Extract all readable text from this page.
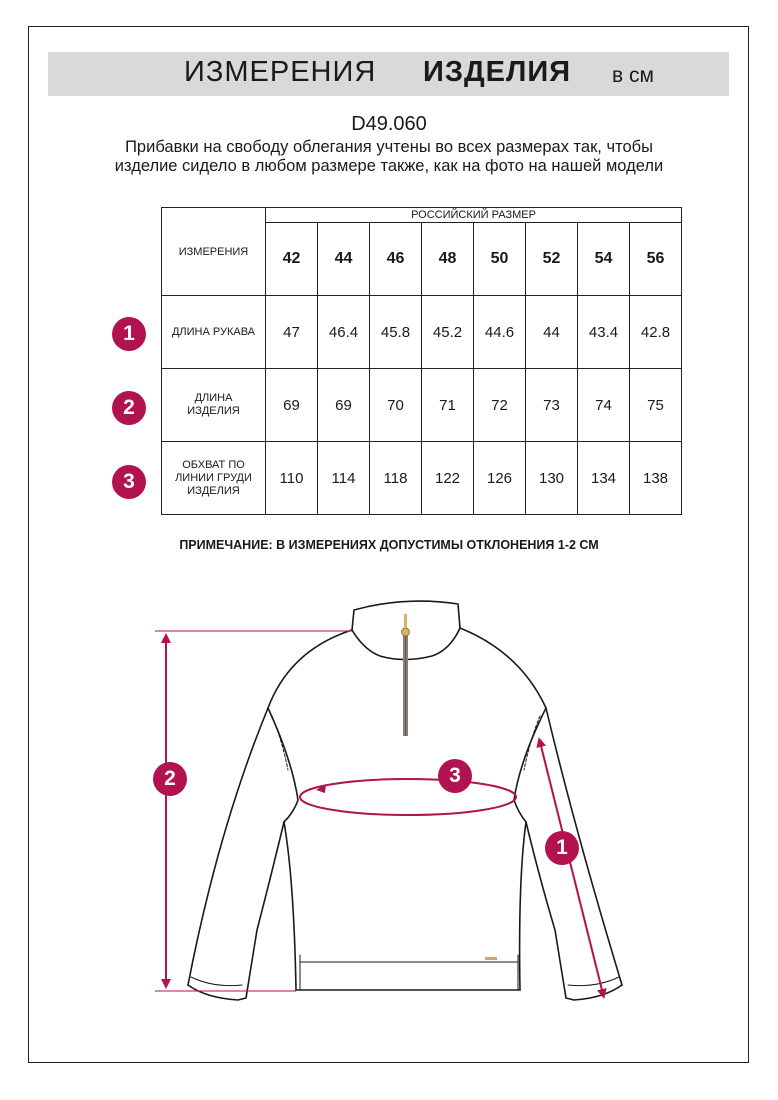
ИЗМЕРЕНИЯ ИЗДЕЛИЯ в см
D49.060
Прибавки на свободу облегания учтены во всех размерах так, чтобы изделие сидело в любом размере также, как на фото на нашей модели
ИЗМЕРЕНИЯ	РОССИЙСКИЙ РАЗМЕР							
	42	44	46	48	50	52	54	56
ДЛИНА РУКАВА	47	46.4	45.8	45.2	44.6	44	43.4	42.8

ДЛИНА ИЗДЕЛИЯ	69	69	70	71	72	73	74	75

ОБХВАТ ПО ЛИНИИ ГРУДИ ИЗДЕЛИЯ	110	114	118	122	126	130	134	138
1
2
3
ПРИМЕЧАНИЕ: В ИЗМЕРЕНИЯХ ДОПУСТИМЫ ОТКЛОНЕНИЯ 1-2 СМ
2	3
1
